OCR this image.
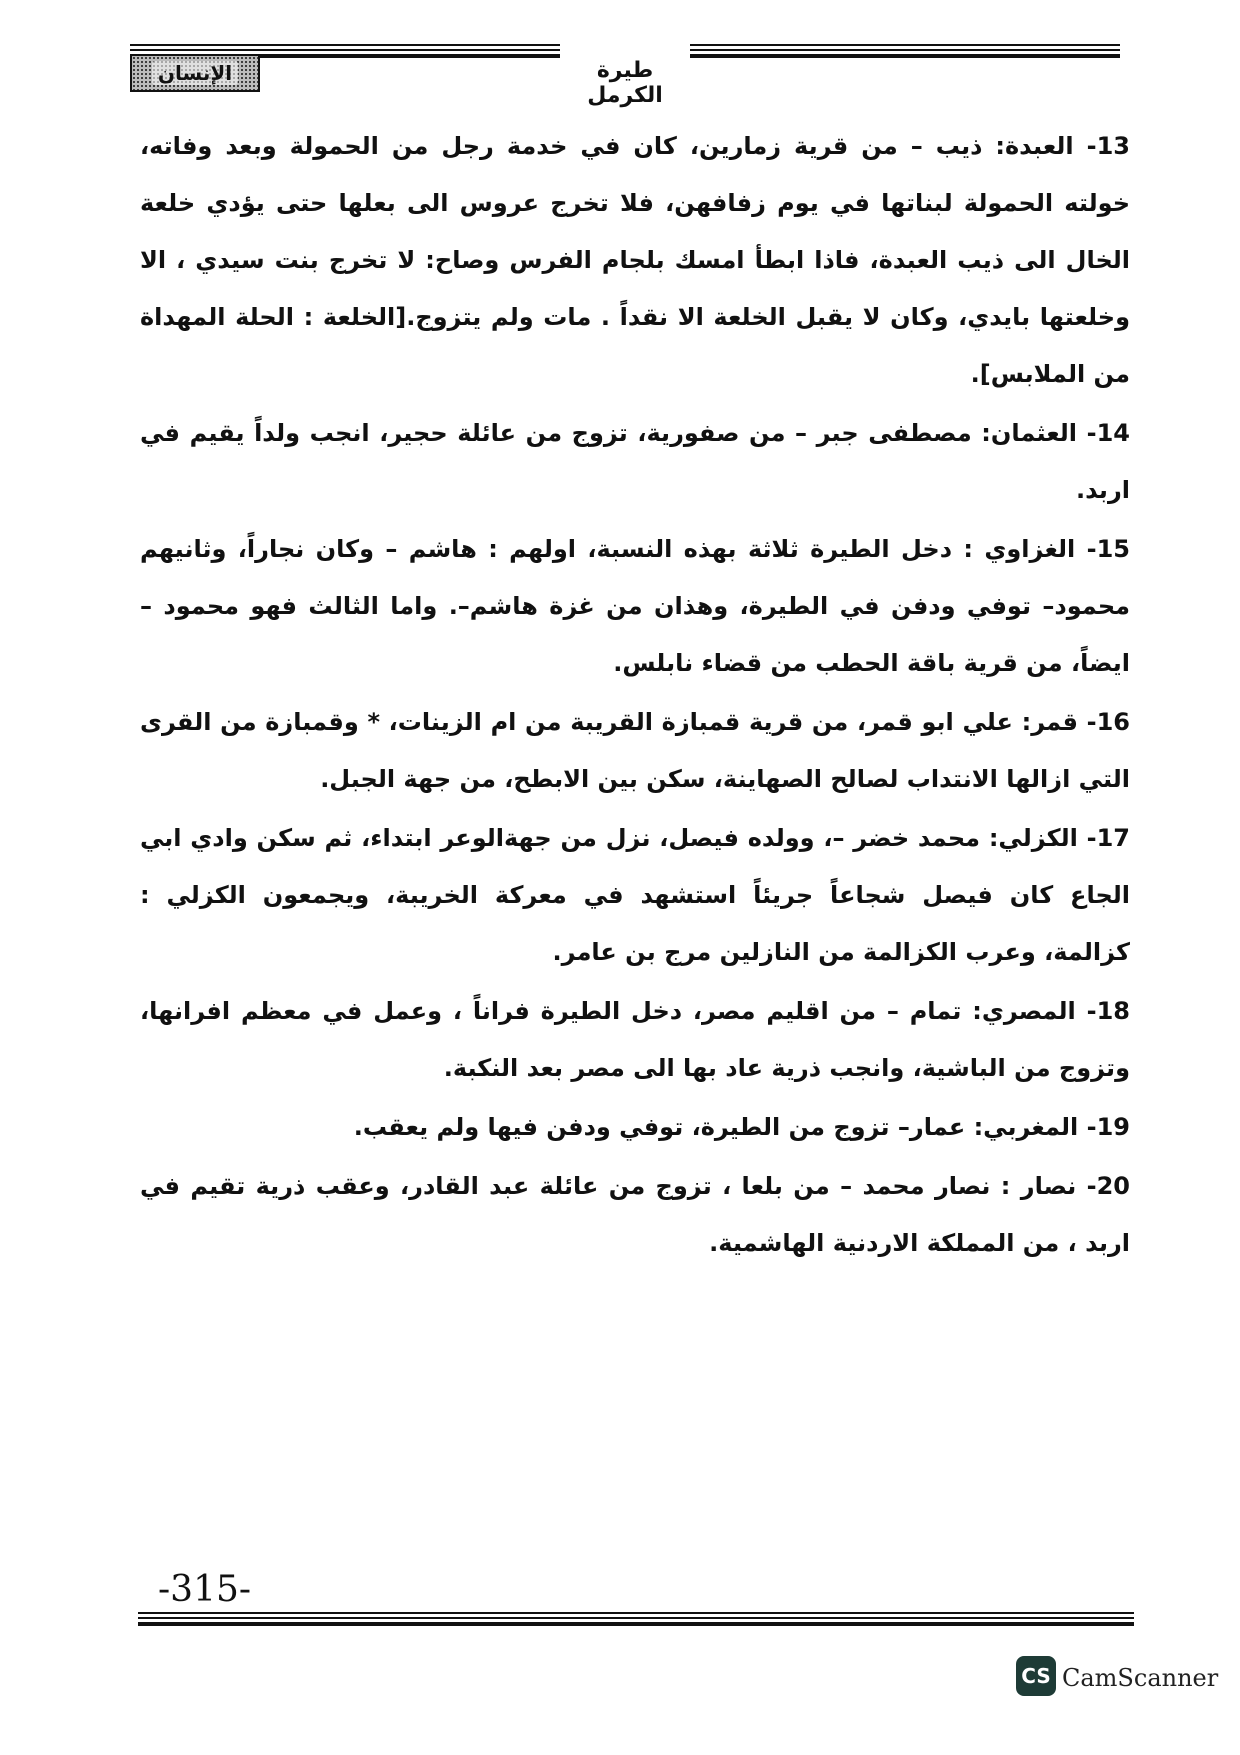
طيرة الكرمل
الإنسان

13- العبدة: ذيب – من قرية زمارين، كان في خدمة رجل من الحمولة وبعد وفاته، خولته الحمولة لبناتها في يوم زفافهن، فلا تخرج عروس الى بعلها حتى يؤدي خلعة الخال الى ذيب العبدة، فاذا ابطأ امسك بلجام الفرس وصاح: لا تخرج بنت سيدي ، الا وخلعتها بايدي، وكان لا يقبل الخلعة الا نقداً . مات ولم يتزوج.[الخلعة : الحلة المهداة من الملابس].

14- العثمان: مصطفى جبر – من صفورية، تزوج من عائلة حجير، انجب ولداً يقيم في اربد.

15- الغزاوي : دخل الطيرة ثلاثة بهذه النسبة، اولهم : هاشم – وكان نجاراً، وثانيهم محمود– توفي ودفن في الطيرة، وهذان من غزة هاشم–. واما الثالث فهو محمود – ايضاً، من قرية باقة الحطب من قضاء نابلس.

16- قمر: علي ابو قمر، من قرية قمبازة القريبة من ام الزينات، * وقمبازة من القرى التي ازالها الانتداب لصالح الصهاينة، سكن بين الابطح، من جهة الجبل.

17- الكزلي: محمد خضر –، وولده فيصل، نزل من جهةالوعر ابتداء، ثم سكن وادي ابي الجاع كان فيصل شجاعاً جريئاً استشهد في معركة الخريبة، ويجمعون الكزلي : كزالمة، وعرب الكزالمة من النازلين مرج بن عامر.

18- المصري: تمام – من اقليم مصر، دخل الطيرة فراناً ، وعمل في معظم افرانها، وتزوج من الباشية، وانجب ذرية عاد بها الى مصر بعد النكبة.

19- المغربي: عمار– تزوج من الطيرة، توفي ودفن فيها ولم يعقب.

20- نصار : نصار محمد – من بلعا ، تزوج من عائلة عبد القادر، وعقب ذرية تقيم في اربد ، من المملكة الاردنية الهاشمية.

-315-
CS CamScanner
